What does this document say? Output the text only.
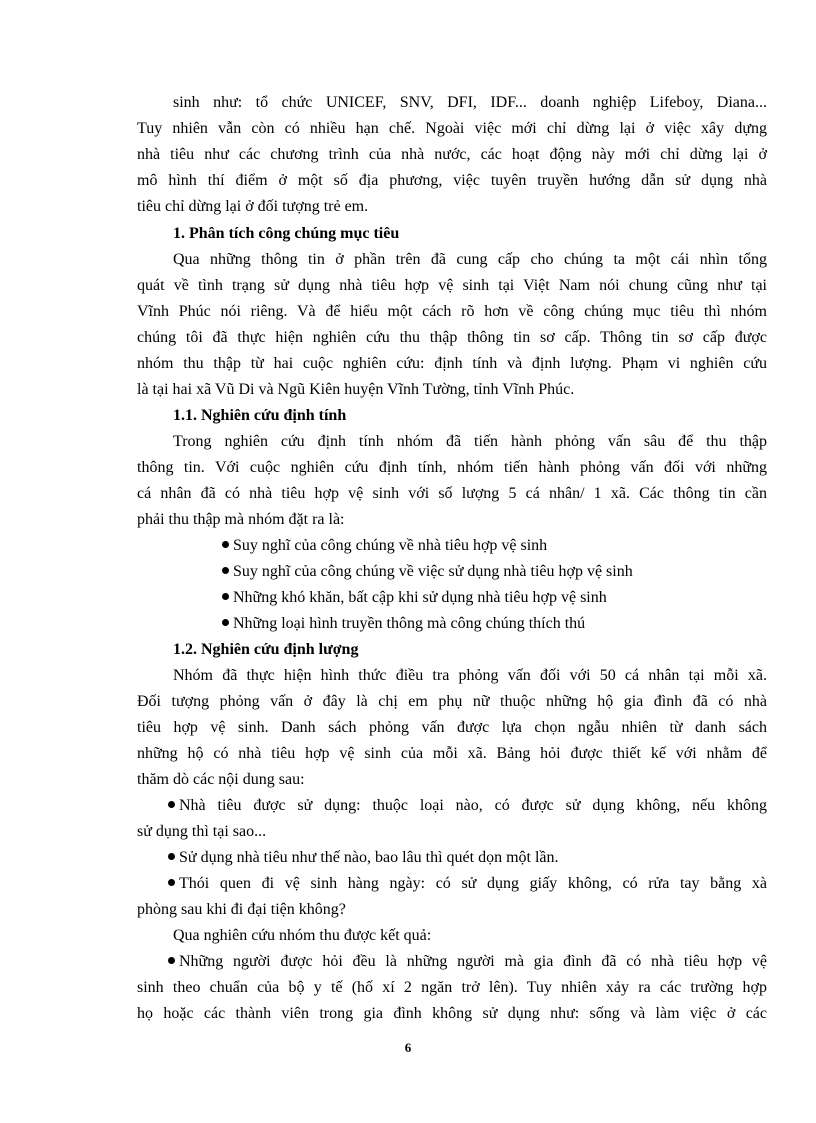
sinh như: tổ chức UNICEF, SNV, DFI, IDF... doanh nghiệp Lifeboy, Diana...
Tuy nhiên vẫn còn có nhiều hạn chế. Ngoài việc mới chỉ dừng lại ở việc xây dựng
nhà tiêu như các chương trình của nhà nước, các hoạt động này mới chỉ dừng lại ở
mô hình thí điểm ở một số địa phương, việc tuyên truyền hướng dẫn sử dụng nhà
tiêu chỉ dừng lại ở đối tượng trẻ em.
1. Phân tích công chúng mục tiêu
Qua những thông tin ở phần trên đã cung cấp cho chúng ta một cái nhìn tổng
quát về tình trạng sử dụng nhà tiêu hợp vệ sinh tại Việt Nam nói chung cũng như tại
Vĩnh Phúc nói riêng. Và để hiểu một cách rõ hơn về công chúng mục tiêu thì nhóm
chúng tôi đã thực hiện nghiên cứu thu thập thông tin sơ cấp. Thông tin sơ cấp được
nhóm thu thập từ hai cuộc nghiên cứu: định tính và định lượng. Phạm vi nghiên cứu
là tại hai xã Vũ Di và Ngũ Kiên huyện Vĩnh Tường, tỉnh Vĩnh Phúc.
1.1. Nghiên cứu định tính
Trong nghiên cứu định tính nhóm đã tiến hành phỏng vấn sâu để thu thập
thông tin. Với cuộc nghiên cứu định tính, nhóm tiến hành phỏng vấn đối với những
cá nhân đã có nhà tiêu hợp vệ sinh với số lượng 5 cá nhân/ 1 xã. Các thông tin cần
phải thu thập mà nhóm đặt ra là:
Suy nghĩ của công chúng về nhà tiêu hợp vệ sinh
Suy nghĩ của công chúng về việc sử dụng nhà tiêu hợp vệ sinh
Những khó khăn, bất cập khi sử dụng nhà tiêu hợp vệ sinh
Những loại hình truyền thông mà công chúng thích thú
1.2. Nghiên cứu định lượng
Nhóm đã thực hiện hình thức điều tra phỏng vấn đối với 50 cá nhân tại mỗi xã.
Đối tượng phỏng vấn ở đây là chị em phụ nữ thuộc những hộ gia đình đã có nhà
tiêu hợp vệ sinh. Danh sách phỏng vấn được lựa chọn ngẫu nhiên từ danh sách
những hộ có nhà tiêu hợp vệ sinh của mỗi xã. Bảng hỏi được thiết kế với nhằm để
thăm dò các nội dung sau:
Nhà tiêu được sử dụng: thuộc loại nào, có được sử dụng không, nếu không
sử dụng thì tại sao...
Sử dụng nhà tiêu như thế nào, bao lâu thì quét dọn một lần.
Thói quen đi vệ sinh hàng ngày: có sử dụng giấy không, có rửa tay bằng xà
phòng sau khi đi đại tiện không?
Qua nghiên cứu nhóm thu được kết quả:
Những người được hỏi đều là những người mà gia đình đã có nhà tiêu hợp vệ
sinh theo chuẩn của bộ y tế (hố xí 2 ngăn trở lên). Tuy nhiên xảy ra các trường hợp
họ hoặc các thành viên trong gia đình không sử dụng như: sống và làm việc ở các
6
